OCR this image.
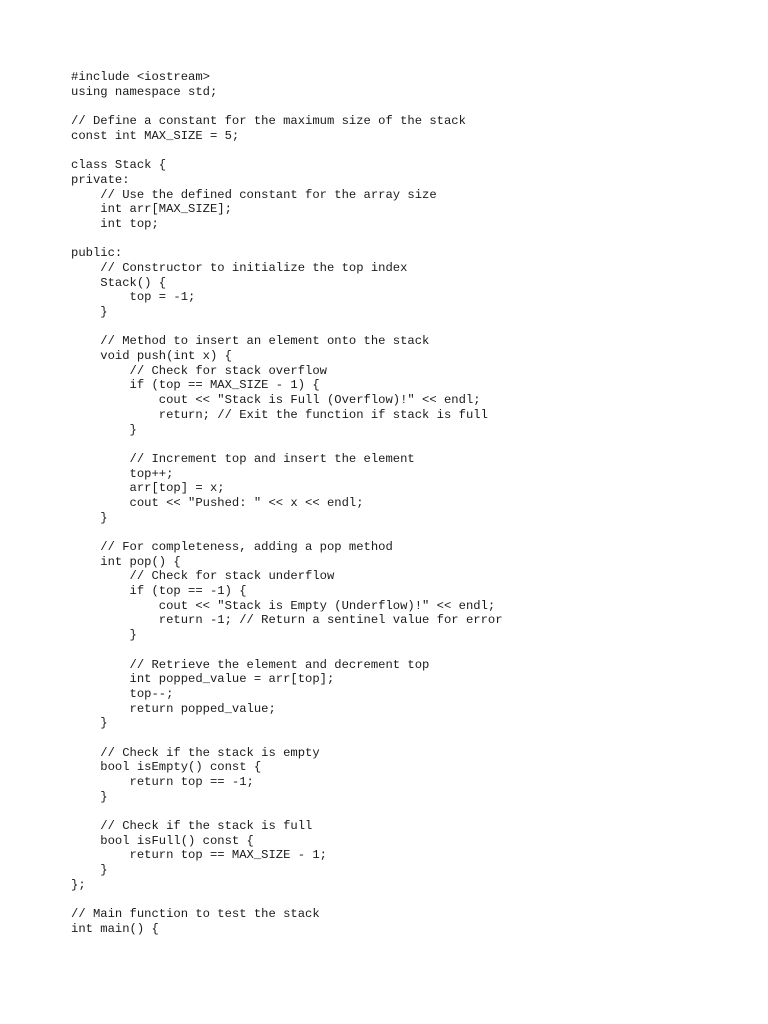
#include <iostream>
using namespace std;
// Define a constant for the maximum size of the stack
const int MAX_SIZE = 5;
class Stack {
private:
// Use the defined constant for the array size
int arr[MAX_SIZE];
int top;
public:
// Constructor to initialize the top index
Stack() {
top = -1;
}
// Method to insert an element onto the stack
void push(int x) {
// Check for stack overflow
if (top == MAX_SIZE - 1) {
cout << "Stack is Full (Overflow)!" << endl;
return; // Exit the function if stack is full
}
// Increment top and insert the element
top++;
arr[top] = x;
cout << "Pushed: " << x << endl;
}
// For completeness, adding a pop method
int pop() {
// Check for stack underflow
if (top == -1) {
cout << "Stack is Empty (Underflow)!" << endl;
return -1; // Return a sentinel value for error
}
// Retrieve the element and decrement top
int popped_value = arr[top];
top--;
return popped_value;
}
// Check if the stack is empty
bool isEmpty() const {
return top == -1;
}
// Check if the stack is full
bool isFull() const {
return top == MAX_SIZE - 1;
}
};
// Main function to test the stack
int main() {
